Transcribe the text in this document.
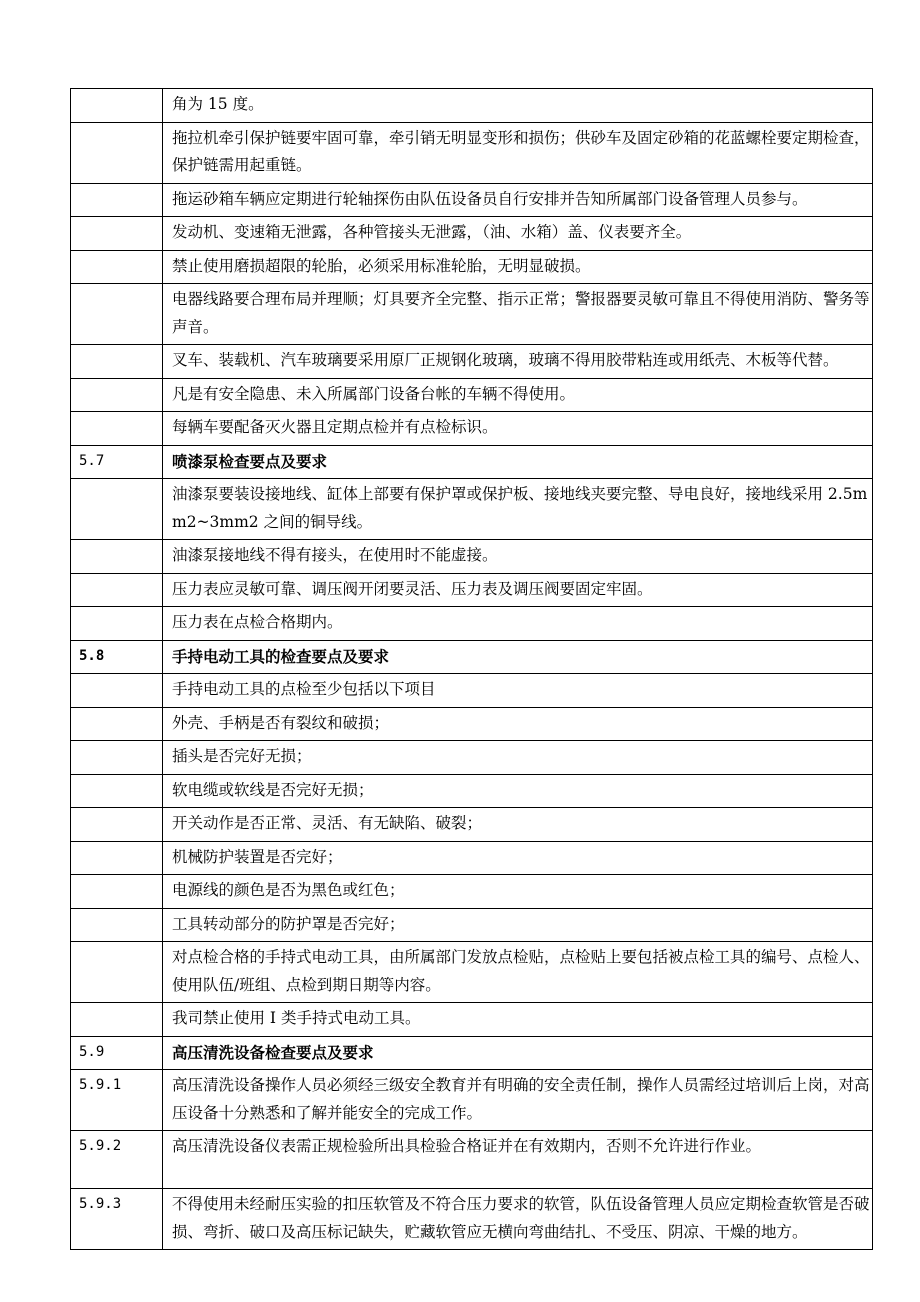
	角为 15 度。
	拖拉机牵引保护链要牢固可靠，牵引销无明显变形和损伤；供砂车及固定砂箱的花蓝螺栓要定期检查，保护链需用起重链。
	拖运砂箱车辆应定期进行轮轴探伤由队伍设备员自行安排并告知所属部门设备管理人员参与。
	发动机、变速箱无泄露，各种管接头无泄露，（油、水箱）盖、仪表要齐全。
	禁止使用磨损超限的轮胎，必须采用标准轮胎，无明显破损。
	电器线路要合理布局并理顺；灯具要齐全完整、指示正常；警报器要灵敏可靠且不得使用消防、警务等声音。
	叉车、装载机、汽车玻璃要采用原厂正规钢化玻璃，玻璃不得用胶带粘连或用纸壳、木板等代替。
	凡是有安全隐患、未入所属部门设备台帐的车辆不得使用。
	每辆车要配备灭火器且定期点检并有点检标识。
5.7	喷漆泵检查要点及要求
	油漆泵要装设接地线、缸体上部要有保护罩或保护板、接地线夹要完整、导电良好，接地线采用 2.5mm2~3mm2 之间的铜导线。
	油漆泵接地线不得有接头，在使用时不能虚接。
	压力表应灵敏可靠、调压阀开闭要灵活、压力表及调压阀要固定牢固。
	压力表在点检合格期内。
5.8	手持电动工具的检查要点及要求
	手持电动工具的点检至少包括以下项目
	外壳、手柄是否有裂纹和破损；
	插头是否完好无损；
	软电缆或软线是否完好无损；
	开关动作是否正常、灵活、有无缺陷、破裂；
	机械防护装置是否完好；
	电源线的颜色是否为黑色或红色；
	工具转动部分的防护罩是否完好；
	对点检合格的手持式电动工具，由所属部门发放点检贴，点检贴上要包括被点检工具的编号、点检人、使用队伍/班组、点检到期日期等内容。
	我司禁止使用 I 类手持式电动工具。
5.9	高压清洗设备检查要点及要求
5.9.1	高压清洗设备操作人员必须经三级安全教育并有明确的安全责任制，操作人员需经过培训后上岗，对高压设备十分熟悉和了解并能安全的完成工作。
5.9.2	高压清洗设备仪表需正规检验所出具检验合格证并在有效期内，否则不允许进行作业。
5.9.3	不得使用未经耐压实验的扣压软管及不符合压力要求的软管，队伍设备管理人员应定期检查软管是否破损、弯折、破口及高压标记缺失，贮藏软管应无横向弯曲结扎、不受压、阴凉、干燥的地方。
